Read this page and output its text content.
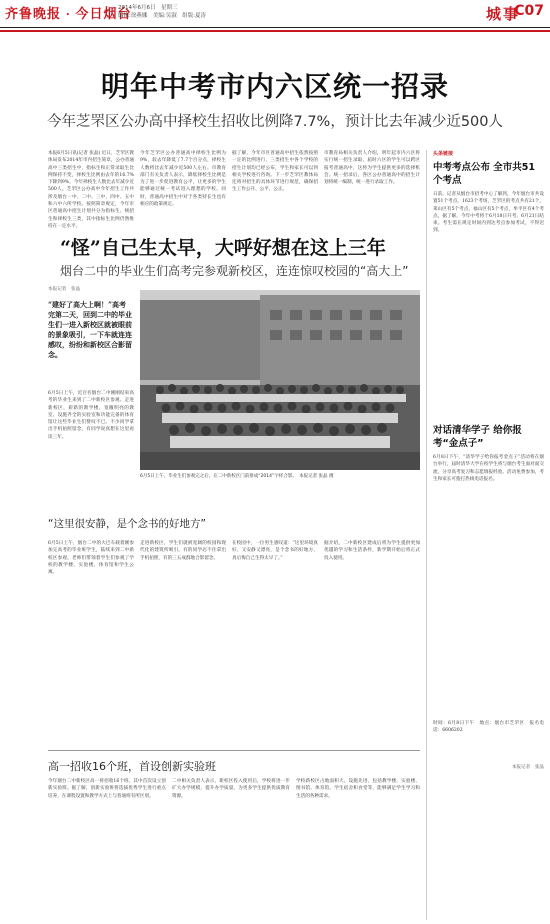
齐鲁晚报 · 今日烟台
2014年6月6日　星期三
编辑:徐燕娜　美编:吴淑　组版:夏涛	城事
C07
明年中考市内六区统一招录
今年芝罘区公办高中择校生招收比例降7.7%，预计比去年减少近500人
本报6月5日讯(记者 张晶) 近日，芝罘区教体局发布2014年市内招生简章，公办普通高中三类招生中，指标生和正常录取生比例保持不变，择校生比例由去年的16.7%下降到9%，今年择校生人数比去年减少近500人。芝罘区公办高中今年招生工作共涉及烟台一中、二中、三中、四中、五中和六中六所学校。按照简章规定，今年市区普通高中招生计划共分为指标生、统招生和择校生三类，其中指标生比例仍然维持在一定水平。
今年芝罘区公办普通高中择校生比例为9%，较去年降低了7.7个百分点，择校生人数将比去年减少近500人左右。市教育部门有关负责人表示，降低择校生比例是为了进一步促进教育公平，让更多的学生能够通过统一考试进入理想的学校。同时，普通高中招生中对于各类特长生也有相应的政策规定。
据了解，今年市区普通高中招生依然按照一定的比例进行，三类招生中各个学校的招生计划均已经公布，学生和家长可以到相关学校进行咨询。下一步芝罘区教体局还将对招生的具体环节进行规范，确保招生工作公开、公平、公正。
市教育局相关负责人介绍，明年起市内六区将实行统一招生录取，届时六区的学生可以跨区报考普通高中，这将为学生提供更多的选择机会。统一招录后，各区公办普通高中的招生计划将统一编制，统一进行录取工作。
“怪”自己生太早，大呼好想在这上三年
烟台二中的毕业生们高考完参观新校区，连连惊叹校园的“高大上”
本报记者　张晶
“建好了高大上啊！”高考完第二天，回到二中的毕业生们一进入新校区就被眼前的景象吸引，一下车就连连感叹，纷纷和新校区合影留念。
6月5日上午，毕业生们参观完之后，在二中新校区门前排成“2014”字样合影。　本报记者 张晶 摄
6月5日上午，近百名烟台二中刚刚结束高考的毕业生来到了二中新校区参观。走进新校区，崭新的教学楼、宽敞明亮的教室、设施齐全的实验室和功能完备的体育馆让这些毕业生们赞叹不已。不少同学拿出手机拍照留念，有同学说真想在这里再读三年。
“这里很安静，是个念书的好地方”
6月5日上午，烟台二中的大巴车载着刚参加完高考的毕业班学生，陆续来到二中新校区参观。老师们带领着学生们参观了学校的教学楼、实验楼、体育馆和学生公寓。
走进新校区，学生们就被宽阔的校园和现代化的建筑所吸引，有的同学忍不住拿出手机拍照，有的三五成群地合影留念。
在校园中，一位男生感叹道：“这里环境真好，又安静又漂亮，是个念书的好地方，真后悔自己生得太早了。”
据介绍，二中新校区建成后将为学生提供更加优越的学习和生活条件，新学期开始后将正式投入使用。
高一招收16个班，首设创新实验班
今年烟台二中新校区高一将招收16个班，其中首次设立创新实验班。据了解，创新实验班将选拔优秀学生进行重点培养，在课程设置和教学方式上与普通班有所区别。
二中相关负责人表示，新校区投入使用后，学校将进一步扩大办学规模，提升办学质量，为更多学生提供优质教育资源。
学校新校区占地面积大，设施先进，包括教学楼、实验楼、图书馆、体育馆、学生宿舍和食堂等，能够满足学生学习和生活的各种需求。
头条链接
中考考点公布 全市共51个考点
日前，记者从烟台市招考中心了解到，今年烟台市共设置51个考点，1623个考场，芝罘区的考点共有21个，莱山区有5个考点，福山区有5个考点，牟平区有4个考点。据了解，今年中考将于6月18日开考，6月21日结束。考生需在规定时间内到达考点参加考试，不得迟到。
对话清华学子 给你报考“金点子”
6月8日下午，“清华学子给你报考金点子”活动将在烟台举行，届时清华大学在校学生将与烟台考生面对面交流，分享高考复习和志愿填报经验。活动免费参加，考生和家长可拨打热线电话报名。
时间：6月8日下午　地点：烟台市芝罘区　报名电话：6606202
本报记者　张晶
